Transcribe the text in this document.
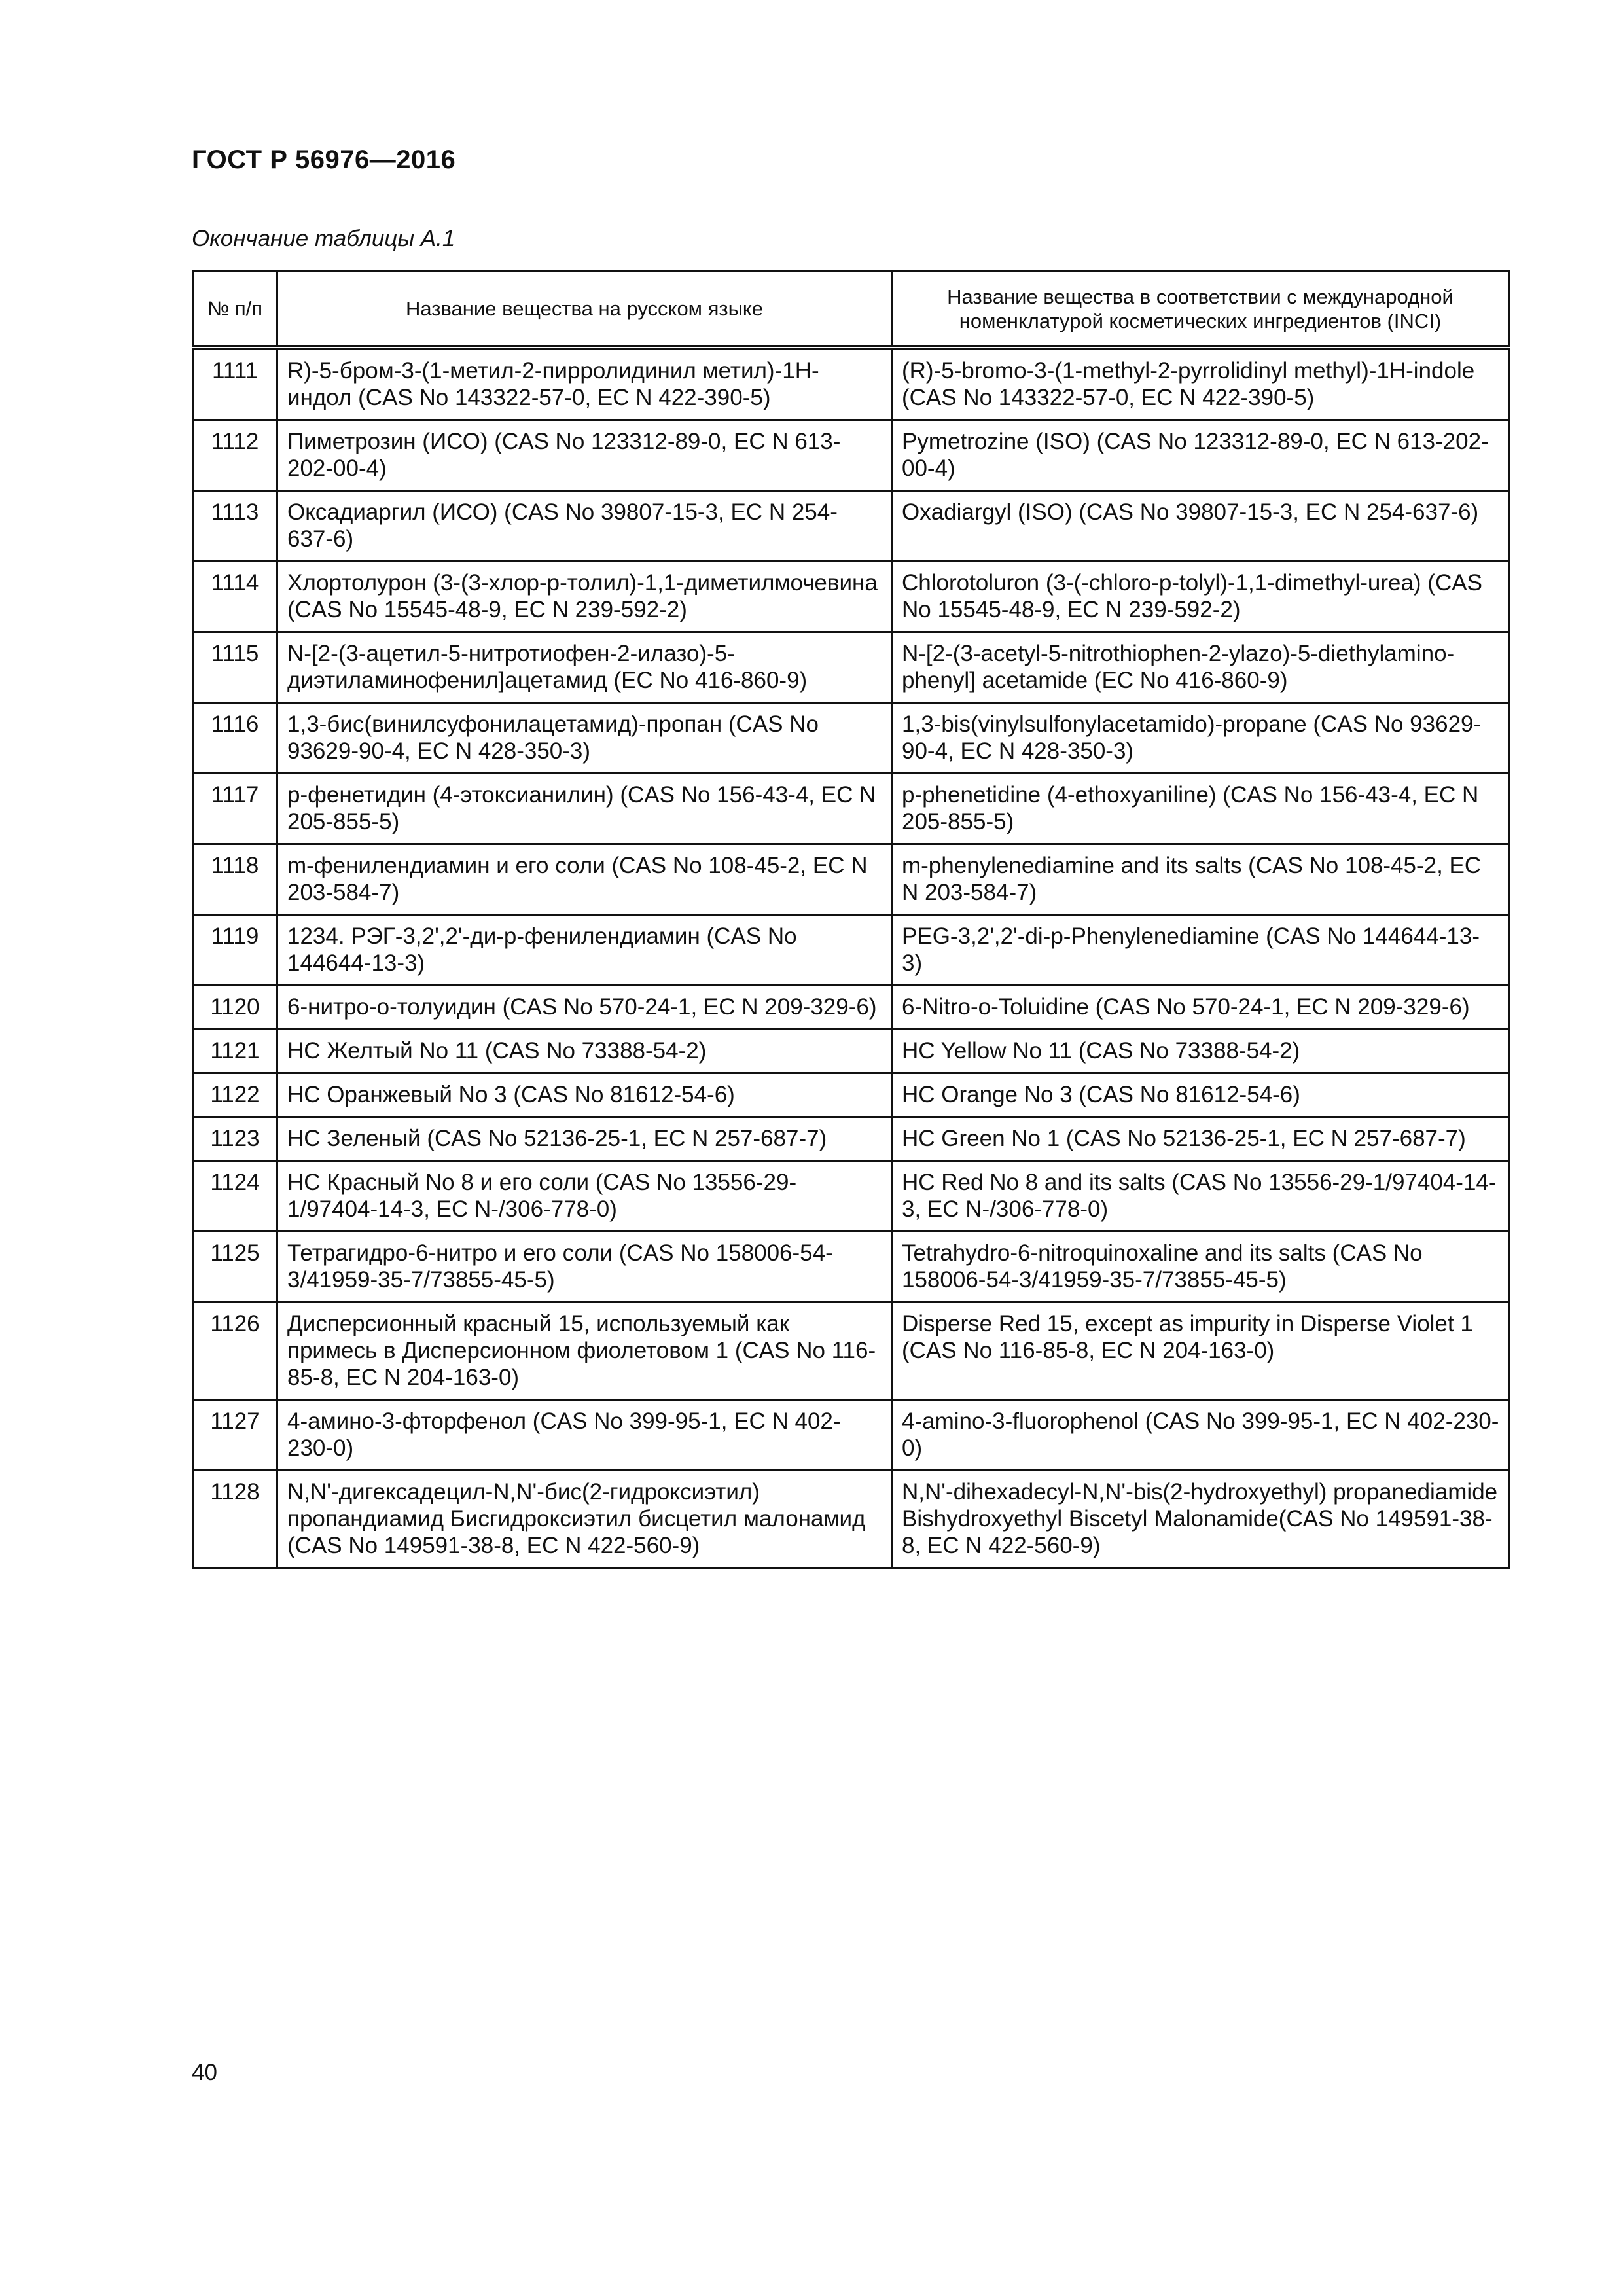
ГОСТ Р 56976—2016
Окончание таблицы А.1
№ п/п	Название вещества на русском языке	Название вещества в соответствии с международной номенклатурой косметических ингредиентов (INCI)
1111	R)-5-бром-3-(1-метил-2-пирролидинил метил)-1H-индол (CAS No 143322-57-0, EC N 422-390-5)	(R)-5-bromo-3-(1-methyl-2-pyrrolidinyl methyl)-1H-indole (CAS No 143322-57-0, EC N 422-390-5)
1112	Пиметрозин (ИСО) (CAS No 123312-89-0, EC N 613-202-00-4)	Pymetrozine (ISO) (CAS No 123312-89-0, EC N 613-202-00-4)
1113	Оксадиаргил (ИСО) (CAS No 39807-15-3, EC N 254-637-6)	Oxadiargyl (ISO) (CAS No 39807-15-3, EC N 254-637-6)
1114	Хлортолурон (3-(3-хлор-р-толил)-1,1-диметилмочевина (CAS No 15545-48-9, EC N 239-592-2)	Chlorotoluron (3-(-chloro-p-tolyl)-1,1-dimethyl-urea) (CAS No 15545-48-9, EC N 239-592-2)
1115	N-[2-(3-ацетил-5-нитротиофен-2-илазо)-5-диэтиламинофенил]ацетамид (EC No 416-860-9)	N-[2-(3-acetyl-5-nitrothiophen-2-ylazo)-5-diethylamino-phenyl] acetamide (EC No 416-860-9)
1116	1,3-бис(винилсуфонилацетамид)-пропан (CAS No 93629-90-4, EC N 428-350-3)	1,3-bis(vinylsulfonylacetamido)-propane (CAS No 93629-90-4, EC N 428-350-3)
1117	р-фенетидин (4-этоксианилин) (CAS No 156-43-4, EC N 205-855-5)	p-phenetidine (4-ethoxyaniline) (CAS No 156-43-4, EC N 205-855-5)
1118	m-фенилендиамин и его соли (CAS No 108-45-2, EC N 203-584-7)	m-phenylenediamine and its salts (CAS No 108-45-2, EC N 203-584-7)
1119	1234. РЭГ-3,2',2'-ди-р-фенилендиамин (CAS No 144644-13-3)	PEG-3,2',2'-di-p-Phenylenediamine (CAS No 144644-13-3)
1120	6-нитро-о-толуидин (CAS No 570-24-1, EC N 209-329-6)	6-Nitro-o-Toluidine (CAS No 570-24-1, EC N 209-329-6)
1121	НС Желтый No 11 (CAS No 73388-54-2)	HC Yellow No 11 (CAS No 73388-54-2)
1122	НС Оранжевый No 3 (CAS No 81612-54-6)	HC Orange No 3 (CAS No 81612-54-6)
1123	НС Зеленый (CAS No 52136-25-1, EC N 257-687-7)	HC Green No 1 (CAS No 52136-25-1, EC N 257-687-7)
1124	НС Красный No 8 и его соли (CAS No 13556-29-1/97404-14-3, EC N-/306-778-0)	HC Red No 8 and its salts (CAS No 13556-29-1/97404-14-3, EC N-/306-778-0)
1125	Тетрагидро-6-нитро и его соли (CAS No 158006-54-3/41959-35-7/73855-45-5)	Tetrahydro-6-nitroquinoxaline and its salts (CAS No 158006-54-3/41959-35-7/73855-45-5)
1126	Дисперсионный красный 15, используемый как примесь в Дисперсионном фиолетовом 1 (CAS No 116-85-8, EC N 204-163-0)	Disperse Red 15, except as impurity in Disperse Violet 1 (CAS No 116-85-8, EC N 204-163-0)
1127	4-амино-3-фторфенол (CAS No 399-95-1, EC N 402-230-0)	4-amino-3-fluorophenol (CAS No 399-95-1, EC N 402-230-0)
1128	N,N'-дигексадецил-N,N'-бис(2-гидроксиэтил) пропандиамид Бисгидроксиэтил бисцетил малонамид (CAS No 149591-38-8, EC N 422-560-9)	N,N'-dihexadecyl-N,N'-bis(2-hydroxyethyl) propanediamide Bishydroxyethyl Biscetyl Malonamide(CAS No 149591-38-8, EC N 422-560-9)
40
